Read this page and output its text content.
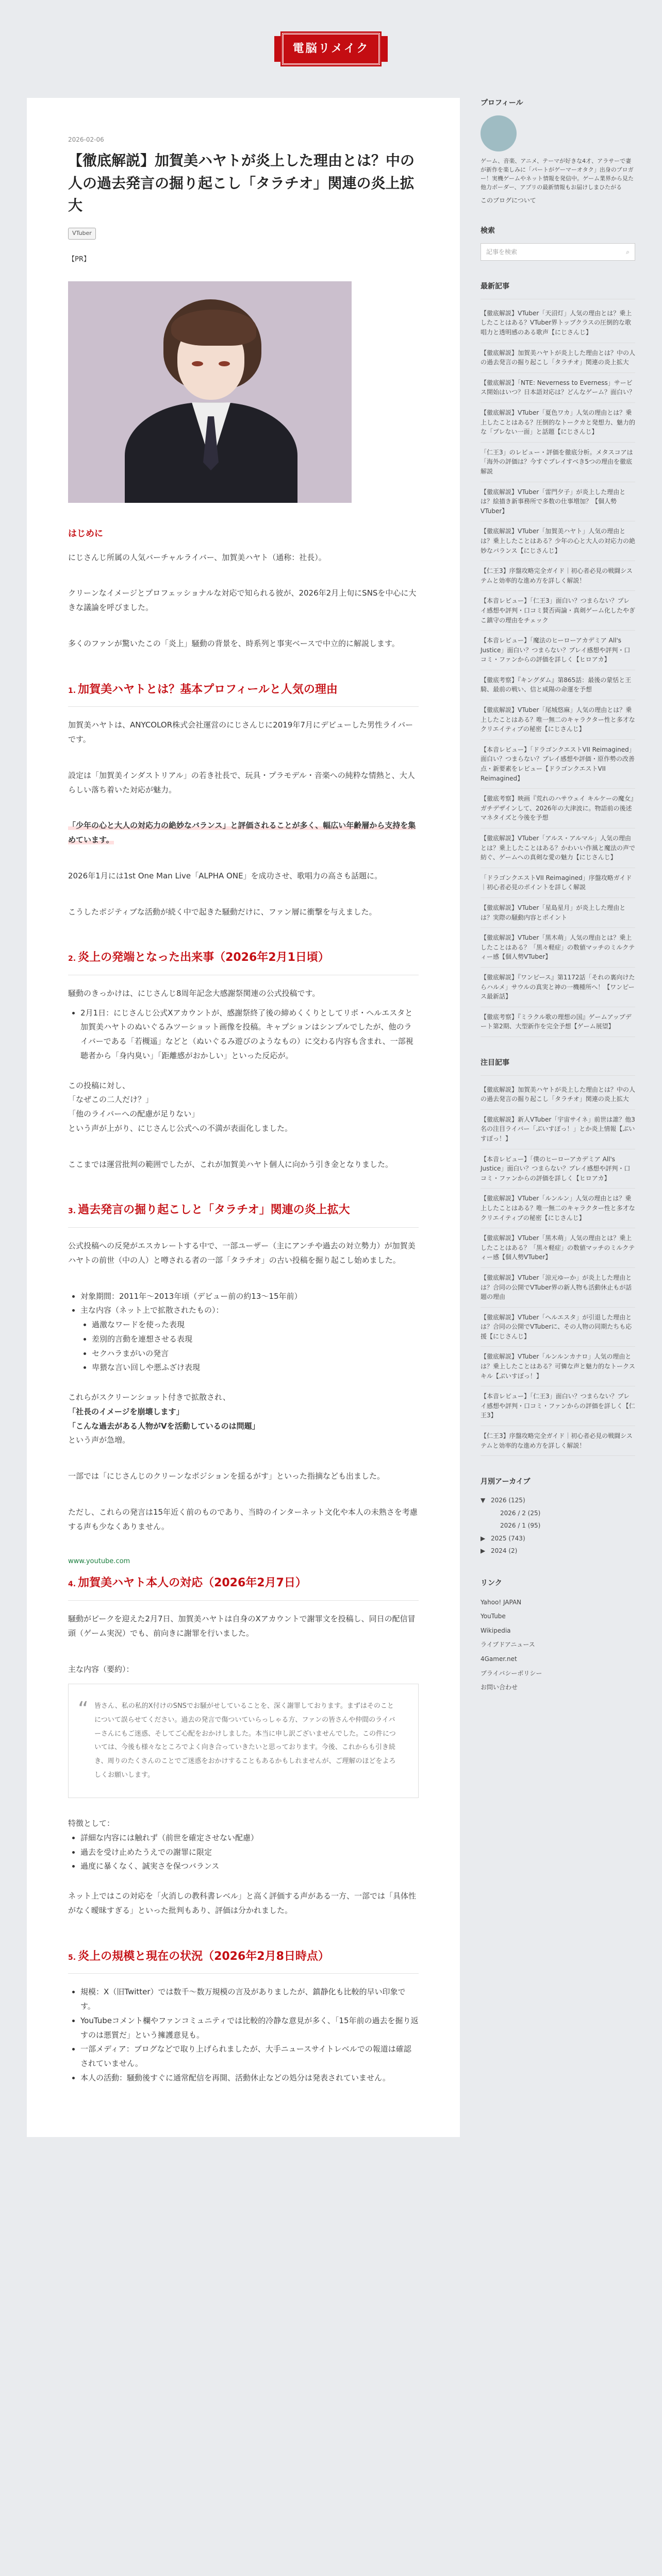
電脳リメイク
2026-02-06
【徹底解説】加賀美ハヤトが炎上した理由とは？中の人の過去発言の掘り起こし「タラチオ」関連の炎上拡大
VTuber
【PR】
はじめに

にじさんじ所属の人気バーチャルライバー、加賀美ハヤト（通称：社長）。

クリーンなイメージとプロフェッショナルな対応で知られる彼が、2026年2月上旬にSNSを中心に大きな議論を呼びました。

多くのファンが驚いたこの「炎上」騒動の背景を、時系列と事実ベースで中立的に解説します。

1. 加賀美ハヤトとは？基本プロフィールと人気の理由

加賀美ハヤトは、ANYCOLOR株式会社運営のにじさんじに2019年7月にデビューした男性ライバーです。

設定は「加賀美インダストリアル」の若き社長で、玩具・プラモデル・音楽への純粋な情熱と、大人らしい落ち着いた対応が魅力。

「少年の心と大人の対応力の絶妙なバランス」と評価されることが多く、幅広い年齢層から支持を集めています。

2026年1月には1st One Man Live「ALPHA ONE」を成功させ、歌唱力の高さも話題に。

こうしたポジティブな活動が続く中で起きた騒動だけに、ファン層に衝撃を与えました。

2. 炎上の発端となった出来事（2026年2月1日頃）

騒動のきっかけは、にじさんじ8周年記念大感謝祭関連の公式投稿です。

• 2月1日：にじさんじ公式Xアカウントが、感謝祭終了後の締めくくりとしてリポ・ヘルエスタと加賀美ハヤトのぬいぐるみツーショット画像を投稿。キャプションはシンプルでしたが、他のライバーである「若槻遥」などと（ぬいぐるみ遊びのようなもの）に交わる内容も含まれ、一部視聴者から「身内臭い」「距離感がおかしい」といった反応が。

この投稿に対し、

「なぜこの二人だけ？」

「他のライバーへの配慮が足りない」

という声が上がり、にじさんじ公式への不満が表面化しました。

ここまでは運営批判の範囲でしたが、これが加賀美ハヤト個人に向かう引き金となりました。

3. 過去発言の掘り起こしと「タラチオ」関連の炎上拡大

公式投稿への反発がエスカレートする中で、一部ユーザー（主にアンチや過去の対立勢力）が加賀美ハヤトの前世（中の人）と噂される者の一部「タラチオ」の古い投稿を掘り起こし始めました。

• 対象期間：2011年〜2013年頃（デビュー前の約13〜15年前）
• 主な内容（ネット上で拡散されたもの）：
• 過激なワードを使った表現
• 差別的言動を連想させる表現
• セクハラまがいの発言
• 卑猥な言い回しや悪ふざけ表現

これらがスクリーンショット付きで拡散され、

「社長のイメージを崩壊します」

「こんな過去がある人物がVを活動しているのは問題」

という声が急増。

一部では「にじさんじのクリーンなポジションを揺るがす」といった指摘なども出ました。

ただし、これらの発言は15年近く前のものであり、当時のインターネット文化や本人の未熟さを考慮する声も少なくありません。

www.youtube.com
4. 加賀美ハヤト本人の対応（2026年2月7日）

騒動がピークを迎えた2月7日、加賀美ハヤトは自身のXアカウントで謝罪文を投稿し、同日の配信冒頭（ゲーム実況）でも、前向きに謝罪を行いました。

主な内容（要約）：

“ 皆さん、私の私的X付けのSNSでお騒がせしていることを、深く謝罪しております。まずはそのことについて誤らせてください。過去の発言で傷ついていらっしゃる方、ファンの皆さんや仲間のライバーさんにもご迷惑、そしてご心配をおかけしました。本当に申し訳ございませんでした。この件については、今後も様々なところでよく向き合っていきたいと思っております。今後、これからも引き続き、周りのたくさんのことでご迷惑をおかけすることもあるかもしれませんが、ご理解のほどをよろしくお願いします。

特徴として：

• 詳細な内容には触れず（前世を確定させない配慮）
• 過去を受け止めたうえでの謝罪に限定
• 過度に暴くなく、誠実さを保つバランス

ネット上ではこの対応を「火消しの教科書レベル」と高く評価する声がある一方、一部では「具体性がなく曖昧すぎる」といった批判もあり、評価は分かれました。

5. 炎上の規模と現在の状況（2026年2月8日時点）
• 規模：X（旧Twitter）では数千〜数万規模の言及がありましたが、鎮静化も比較的早い印象です。
• YouTubeコメント欄やファンコミュニティでは比較的冷静な意見が多く、「15年前の過去を掘り返すのは悪質だ」という擁護意見も。
• 一部メディア：ブログなどで取り上げられましたが、大手ニュースサイトレベルでの報道は確認されていません。
• 本人の活動：騒動後すぐに通常配信を再開、活動休止などの処分は発表されていません。
プロフィール
ゲーム、音楽、アニメ、テーマが好きな4才、アラサーで妻が新作を楽しみに「パートがゲーマーオタク」出身のブロガー！実機ゲームやネット情報を発信中。ゲーム業界から見た他力ボーダー、アプリの最新情報もお届けしまひたがる
このブログについて
検索
記事を検索	⌕
最新記事
【徹底解説】VTuber「天沼灯」人気の理由とは？乗上したことはある？VTuber界トップクラスの圧倒的な歌唱力と透明感のある歌声【にじさんじ】
【徹底解説】加賀美ハヤトが炎上した理由とは？中の人の過去発言の掘り起こし「タラチオ」関連の炎上拡大
【徹底解説】「NTE: Neverness to Everness」サービス開始はいつ？日本語対応は？どんなゲーム？面白い？
【徹底解説】VTuber「夏色ワカ」人気の理由とは？乗上したことはある？圧倒的なトークカと発想力、魅力的な「プレない一面」と話題【にじさんじ】
「仁王3」のレビュー・評価を徹底分析。メタスコアは「海外の評価は？今すぐプレイすべき5つの理由を徹底解説
【徹底解説】VTuber「雷門夕子」が炎上した理由とは？絵描き新事務所で多数の仕事増加？【個人勢VTuber】
【徹底解説】VTuber「加賀美ハヤト」人気の理由とは？乗上したことはある？少年の心と大人の対応力の絶妙なバランス【にじさんじ】
【仁王3】序盤攻略完全ガイド｜初心者必見の戦闘システムと効率的な進め方を詳しく解説！
【本音レビュー】「仁王3」面白い？つまらない？プレイ感想や評判・口コミ賛否両論・真剣ゲーム化したやぎこ鎮守の理由をチェック
【本音レビュー】「魔法のヒーローアカデミア All's Justice」面白い？つまらない？プレイ感想や評判・口コミ・ファンからの評価を詳しく【ヒロアカ】
【徹底考察】『キングダム』第865話：最後の蒙恬と王騎、最前の戦い、信と咸陽の命運を予想
【徹底解説】VTuber「尾城悠麻」人気の理由とは？乗上したことはある？唯一無二のキャラクター性と多才なクリエイティブの秘密【にじさんじ】
【本音レビュー】「ドラゴンクエストVII Reimagined」面白い？つまらない？プレイ感想や評価・原作勢の改善点・新要素をレビュー【ドラゴンクエストVII Reimagined】
【徹底考察】映画『荒れのハサウェイ キルケーの魔女』ガチデザインして、2026年の大津波に。物語前の後述マネタイズと今後を予想
【徹底解説】VTuber「アルス・アルマル」人気の理由とは？乗上したことはある？かわいい作風と魔法の声で紡ぐ、ゲームへの真剣な愛の魅力【にじさんじ】
「ドラゴンクエストVII Reimagined」序盤攻略ガイド｜初心者必見のポイントを詳しく解説
【徹底解説】VTuber「星島星月」が炎上した理由とは？実際の騒動内容とポイント
【徹底解説】VTuber「黒木萌」人気の理由とは？乗上したことはある？「黒々軽症」の数値マッチのミルクティー感【個人勢VTuber】
【徹底解説】『ワンピース』第1172話「それの裏向けたらハルメ」サウルの真実と神の一機種所へ！【ワンピース最新話】
【徹底考察】『ミラクル歌の理想の国』ゲームアップデート第2期、大型新作を完全予想【ゲーム展望】
注目記事
【徹底解説】加賀美ハヤトが炎上した理由とは？中の人の過去発言の掘り起こし「タラチオ」関連の炎上拡大
【徹底解説】新人VTuber「宇宙サイネ」前世は誰？他3名の注目ライバー「ぶいすぽっ！」とか炎上情報【ぶいすぽっ！】
【本音レビュー】「僕のヒーローアカデミア All's Justice」面白い？つまらない？プレイ感想や評判・口コミ・ファンからの評価を詳しく【ヒロアカ】
【徹底解説】VTuber「ルンルン」人気の理由とは？乗上したことはある？唯一無二のキャラクター性と多才なクリエイティブの秘密【にじさんじ】
【徹底解説】VTuber「黒木萌」人気の理由とは？乗上したことはある？「黒々軽症」の数値マッチのミルクティー感【個人勢VTuber】
【徹底解説】VTuber「涼元ゆーか」が炎上した理由とは？合同の公開でVTuber界の新人物も活動休止もが話題の理由
【徹底解説】VTuber「ヘルエスタ」が引退した理由とは？合同の公開でVTuberに、その人物の同期たちも応援【にじさんじ】
【徹底解説】VTuber「ルンルンカナロ」人気の理由とは？乗上したことはある？可憐な声と魅力的なトークスキル【ぶいすぽっ！】
【本音レビュー】「仁王3」面白い？つまらない？プレイ感想や評判・口コミ・ファンからの評価を詳しく【仁王3】
【仁王3】序盤攻略完全ガイド｜初心者必見の戦闘システムと効率的な進め方を詳しく解説！
月別アーカイブ
▼ 2026 (125)
2026 / 2 (25)
2026 / 1 (95)
▶ 2025 (743)
▶ 2024 (2)
リンク
Yahoo! JAPAN
YouTube
Wikipedia
ライブドアニュース
4Gamer.net
プライバシーポリシー
お問い合わせ
